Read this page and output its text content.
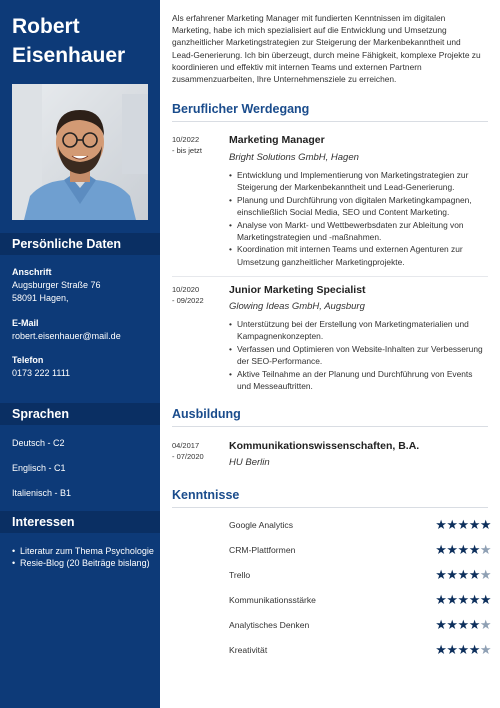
Robert
Eisenhauer
Persönliche Daten
Anschrift
Augsburger Straße 76
58091 Hagen,
E-Mail
robert.eisenhauer@mail.de
Telefon
0173 222 1111
Sprachen
Deutsch - C2
Englisch - C1
Italienisch - B1
Interessen
• Literatur zum Thema Psychologie
• Resie-Blog (20 Beiträge bislang)

Als erfahrener Marketing Manager mit fundierten Kenntnissen im digitalen Marketing, habe ich mich spezialisiert auf die Entwicklung und Umsetzung ganzheitlicher Marketingstrategien zur Steigerung der Markenbekanntheit und Lead-Generierung. Ich bin überzeugt, durch meine Fähigkeit, komplexe Projekte zu koordinieren und effektiv mit internen Teams und externen Partnern zusammenzuarbeiten, Ihre Unternehmensziele zu erreichen.

Beruflicher Werdegang
10/2022
- bis jetzt
Marketing Manager
Bright Solutions GmbH, Hagen
• Entwicklung und Implementierung von Marketingstrategien zur Steigerung der Markenbekanntheit und Lead-Generierung.
• Planung und Durchführung von digitalen Marketingkampagnen, einschließlich Social Media, SEO und Content Marketing.
• Analyse von Markt- und Wettbewerbsdaten zur Ableitung von Marketingstrategien und -maßnahmen.
• Koordination mit internen Teams und externen Agenturen zur Umsetzung ganzheitlicher Marketingprojekte.
10/2020
- 09/2022
Junior Marketing Specialist
Glowing Ideas GmbH, Augsburg
• Unterstützung bei der Erstellung von Marketingmaterialien und Kampagnenkonzepten.
• Verfassen und Optimieren von Website-Inhalten zur Verbesserung der SEO-Performance.
• Aktive Teilnahme an der Planung und Durchführung von Events und Messeauftritten.
Ausbildung
04/2017
- 07/2020
Kommunikationswissenschaften, B.A.
HU Berlin
Kenntnisse
Google Analytics	★★★★★
CRM-Plattformen	★★★★★
Trello	★★★★★
Kommunikationsstärke	★★★★★
Analytisches Denken	★★★★★
Kreativität	★★★★★
